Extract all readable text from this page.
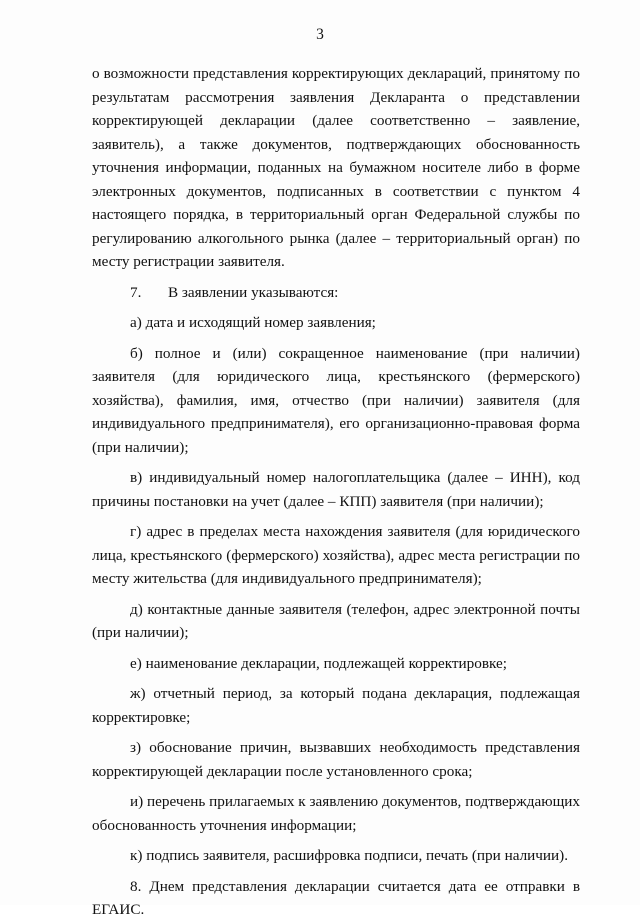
3

о возможности представления корректирующих деклараций, принятому по результатам рассмотрения заявления Декларанта о представлении корректирующей декларации (далее соответственно – заявление, заявитель), а также документов, подтверждающих обоснованность уточнения информации, поданных на бумажном носителе либо в форме электронных документов, подписанных в соответствии с пунктом 4 настоящего порядка, в территориальный орган Федеральной службы по регулированию алкогольного рынка (далее – территориальный орган) по месту регистрации заявителя.

7.       В заявлении указываются:

а) дата и исходящий номер заявления;

б) полное и (или) сокращенное наименование (при наличии) заявителя (для юридического лица, крестьянского (фермерского) хозяйства), фамилия, имя, отчество (при наличии) заявителя (для индивидуального предпринимателя), его организационно-правовая форма (при наличии);

в) индивидуальный номер налогоплательщика (далее – ИНН), код причины постановки на учет (далее – КПП) заявителя (при наличии);

г) адрес в пределах места нахождения заявителя (для юридического лица, крестьянского (фермерского) хозяйства), адрес места регистрации по месту жительства (для индивидуального предпринимателя);

д) контактные данные заявителя (телефон, адрес электронной почты (при наличии);

е) наименование декларации, подлежащей корректировке;

ж) отчетный период, за который подана декларация, подлежащая корректировке;

з) обоснование причин, вызвавших необходимость представления корректирующей декларации после установленного срока;

и) перечень прилагаемых к заявлению документов, подтверждающих обоснованность уточнения информации;

к) подпись заявителя, расшифровка подписи, печать (при наличии).

8. Днем представления декларации считается дата ее отправки в ЕГАИС.
